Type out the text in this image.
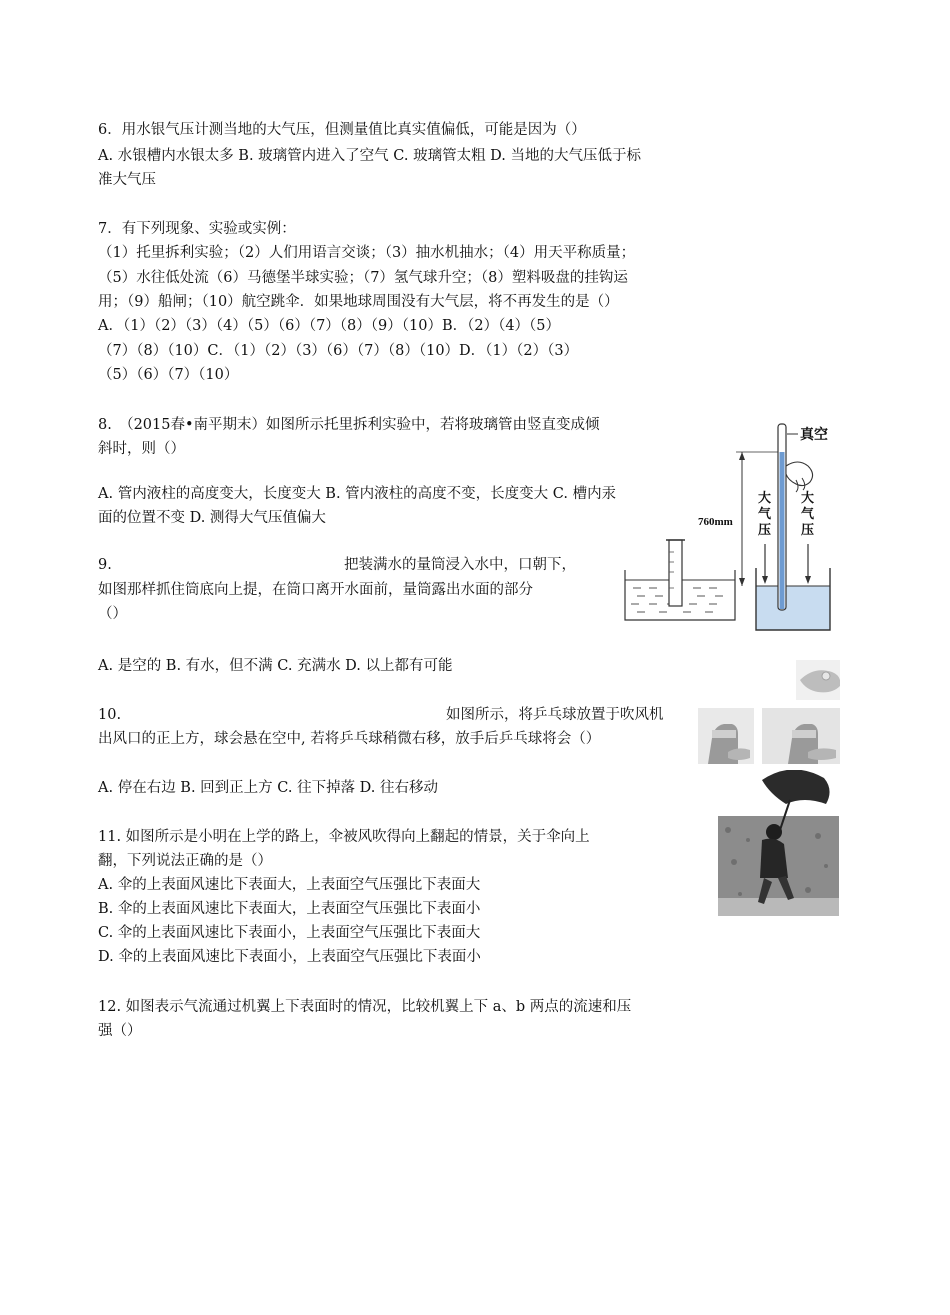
6．用水银气压计测当地的大气压，但测量值比真实值偏低，可能是因为（）
A. 水银槽内水银太多 B. 玻璃管内进入了空气 C. 玻璃管太粗 D. 当地的大气压低于标
准大气压
7．有下列现象、实验或实例：
（1）托里拆利实验；（2）人们用语言交谈；（3）抽水机抽水；（4）用天平称质量；
（5）水往低处流（6）马德堡半球实验；（7）氢气球升空；（8）塑料吸盘的挂钩运
用；（9）船闸；（10）航空跳伞．如果地球周围没有大气层，将不再发生的是（）
A．（1）（2）（3）（4）（5）（6）（7）（8）（9）（10）B．（2）（4）（5）
（7）（8）（10）C．（1）（2）（3）（6）（7）（8）（10）D．（1）（2）（3）
（5）（6）（7）（10）
8.　（2015春•南平期末）如图所示托里拆利实验中，若将玻璃管由竖直变成倾
斜时，则（）
A. 管内液柱的高度变大，长度变大 B. 管内液柱的高度不变，长度变大 C. 槽内汞
面的位置不变 D. 测得大气压值偏大
真空
760mm
大
气
压
大
气
压
9.	把装满水的量筒浸入水中，口朝下，
如图那样抓住筒底向上提，在筒口离开水面前，量筒露出水面的部分
（）
A. 是空的 B. 有水，但不满 C. 充满水 D. 以上都有可能
10.	如图所示，将乒乓球放置于吹风机
出风口的正上方，球会悬在空中, 若将乒乓球稍微右移，放手后乒乓球将会（）
A. 停在右边 B. 回到正上方 C. 往下掉落 D. 往右移动
11. 如图所示是小明在上学的路上，伞被风吹得向上翻起的情景，关于伞向上
翻，下列说法正确的是（）
A. 伞的上表面风速比下表面大，上表面空气压强比下表面大
B. 伞的上表面风速比下表面大，上表面空气压强比下表面小
C. 伞的上表面风速比下表面小，上表面空气压强比下表面大
D. 伞的上表面风速比下表面小，上表面空气压强比下表面小
12. 如图表示气流通过机翼上下表面时的情况，比较机翼上下 a、b 两点的流速和压
强（）
